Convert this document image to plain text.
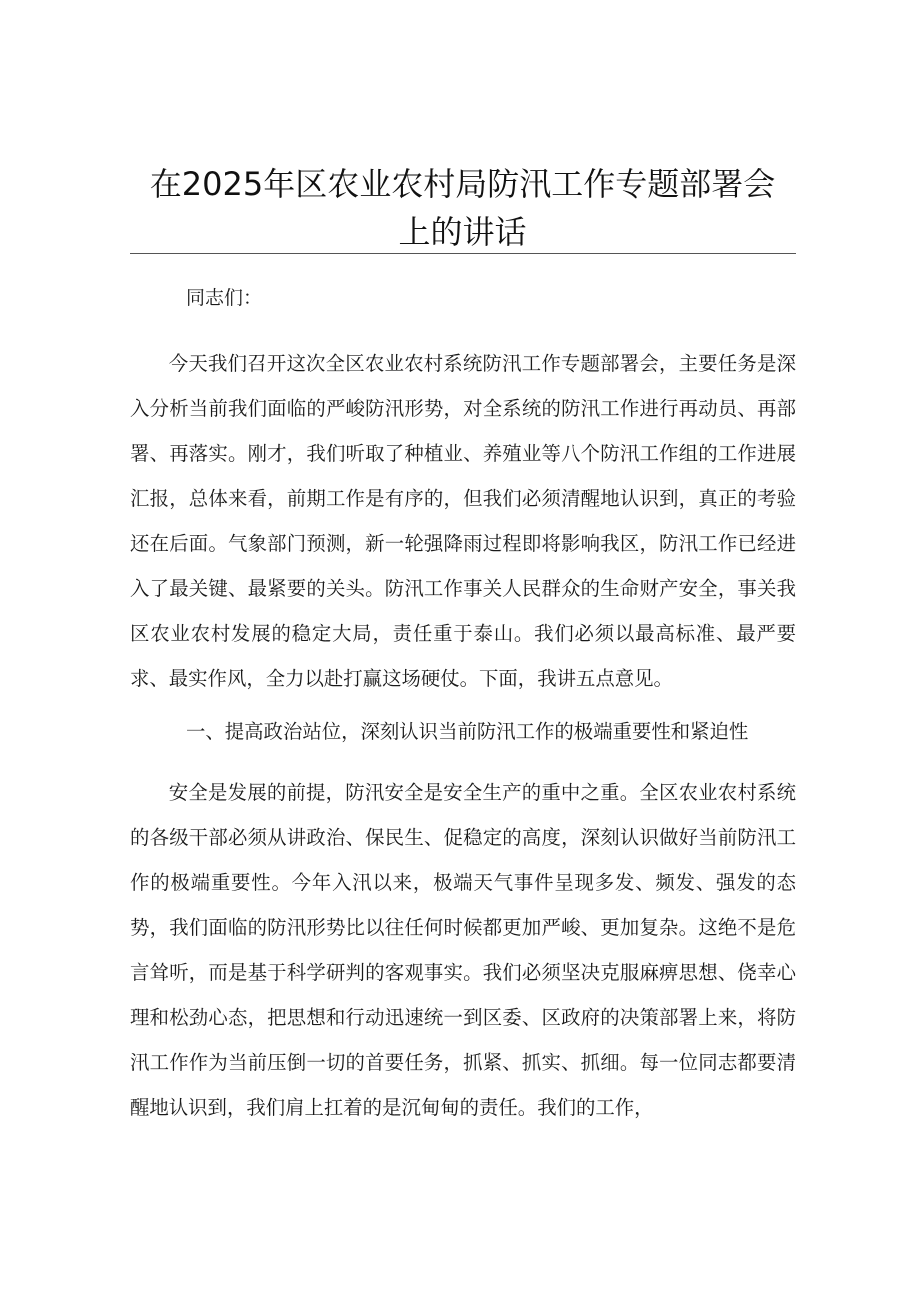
在2025年区农业农村局防汛工作专题部署会
上的讲话
同志们：

今天我们召开这次全区农业农村系统防汛工作专题部署会，主要任务是深入分析当前我们面临的严峻防汛形势，对全系统的防汛工作进行再动员、再部署、再落实。刚才，我们听取了种植业、养殖业等八个防汛工作组的工作进展汇报，总体来看，前期工作是有序的，但我们必须清醒地认识到，真正的考验还在后面。气象部门预测，新一轮强降雨过程即将影响我区，防汛工作已经进入了最关键、最紧要的关头。防汛工作事关人民群众的生命财产安全，事关我区农业农村发展的稳定大局，责任重于泰山。我们必须以最高标准、最严要求、最实作风，全力以赴打赢这场硬仗。下面，我讲五点意见。

一、提高政治站位，深刻认识当前防汛工作的极端重要性和紧迫性

安全是发展的前提，防汛安全是安全生产的重中之重。全区农业农村系统的各级干部必须从讲政治、保民生、促稳定的高度，深刻认识做好当前防汛工作的极端重要性。今年入汛以来，极端天气事件呈现多发、频发、强发的态势，我们面临的防汛形势比以往任何时候都更加严峻、更加复杂。这绝不是危言耸听，而是基于科学研判的客观事实。我们必须坚决克服麻痹思想、侥幸心理和松劲心态，把思想和行动迅速统一到区委、区政府的决策部署上来，将防汛工作作为当前压倒一切的首要任务，抓紧、抓实、抓细。每一位同志都要清醒地认识到，我们肩上扛着的是沉甸甸的责任。我们的工作，
